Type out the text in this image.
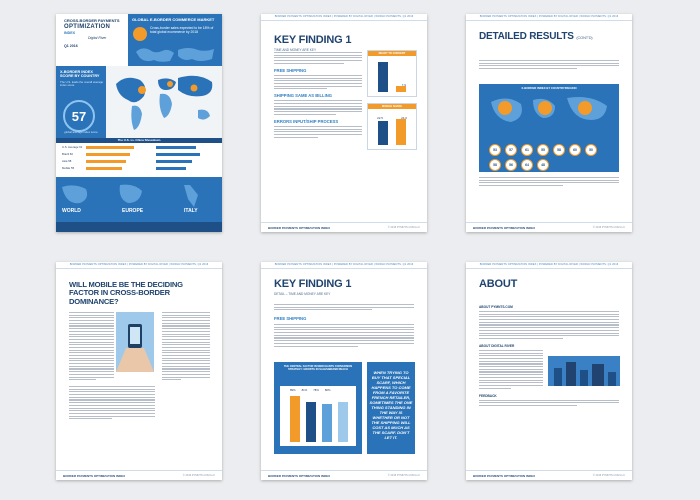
CROSS-BORDER PAYMENTS
OPTIMIZATION
INDEX
Digital River
Q1 2016
GLOBAL E-BORDER COMMERCE MARKET
Cross-border sales expected to be 18% of total global ecommerce by 2018
X-BORDER INDEX SCORE BY COUNTRY
The U.S. leads the overall average index score
57
global average index score
The U.S. vs. China Showdown
U.S. Average 61
Brazil 60
Asia 58
Mobile 55
WORLD	EUROPE	ITALY
BORDER PAYMENTS OPTIMIZATION INDEX | POWERED BY DIGITAL RIVER | WORLD PAYMENTS, Q1 2016
KEY FINDING 1
TIME AND MONEY ARE KEY
FREE SHIPPING
SHIPPING SAME AS BILLING
ERRORS INPUT/SHIP PROCESS
READY TO CONVERT
57
7.9
MOBILE SHARE
22.5	24.0
BORDER PAYMENTS OPTIMIZATION INDEX	© 2016 PYMNTS.COM LLC
BORDER PAYMENTS OPTIMIZATION INDEX | POWERED BY DIGITAL RIVER | WORLD PAYMENTS, Q1 2016
DETAILED RESULTS (CONT'D)
X-BORDER INDEX BY COUNTRY/REGION
53	57	61	55	58	60	50
58	56	64	48
BORDER PAYMENTS OPTIMIZATION INDEX	© 2016 PYMNTS.COM LLC
BORDER PAYMENTS OPTIMIZATION INDEX | POWERED BY DIGITAL RIVER | WORLD PAYMENTS, Q1 2016
WILL MOBILE BE THE DECIDING FACTOR IN CROSS-BORDER DOMINANCE?
BORDER PAYMENTS OPTIMIZATION INDEX	© 2016 PYMNTS.COM LLC
BORDER PAYMENTS OPTIMIZATION INDEX | POWERED BY DIGITAL RIVER | WORLD PAYMENTS, Q1 2016
KEY FINDING 1
DETAIL – TIME AND MONEY ARE KEY
FREE SHIPPING
THE CENTRAL FACTOR IN MERCHANTS CONVERSION STRATEGY: GROWTH IN SALES/BRAND REACH
89% 81% 78% 80%
WHEN TRYING TO BUY THAT SPECIAL SCARF, WHICH HAPPENS TO COME FROM A FAVORITE FRENCH RETAILER, SOMETIMES THE ONE THING STANDING IN THE WAY IS WHETHER OR NOT THE SHIPPING WILL COST AS MUCH AS THE SCARF. DON'T LET IT.
BORDER PAYMENTS OPTIMIZATION INDEX	© 2016 PYMNTS.COM LLC
BORDER PAYMENTS OPTIMIZATION INDEX | POWERED BY DIGITAL RIVER | WORLD PAYMENTS, Q1 2016
ABOUT
ABOUT PYMNTS.COM
ABOUT DIGITAL RIVER
FEEDBACK
BORDER PAYMENTS OPTIMIZATION INDEX	© 2016 PYMNTS.COM LLC
